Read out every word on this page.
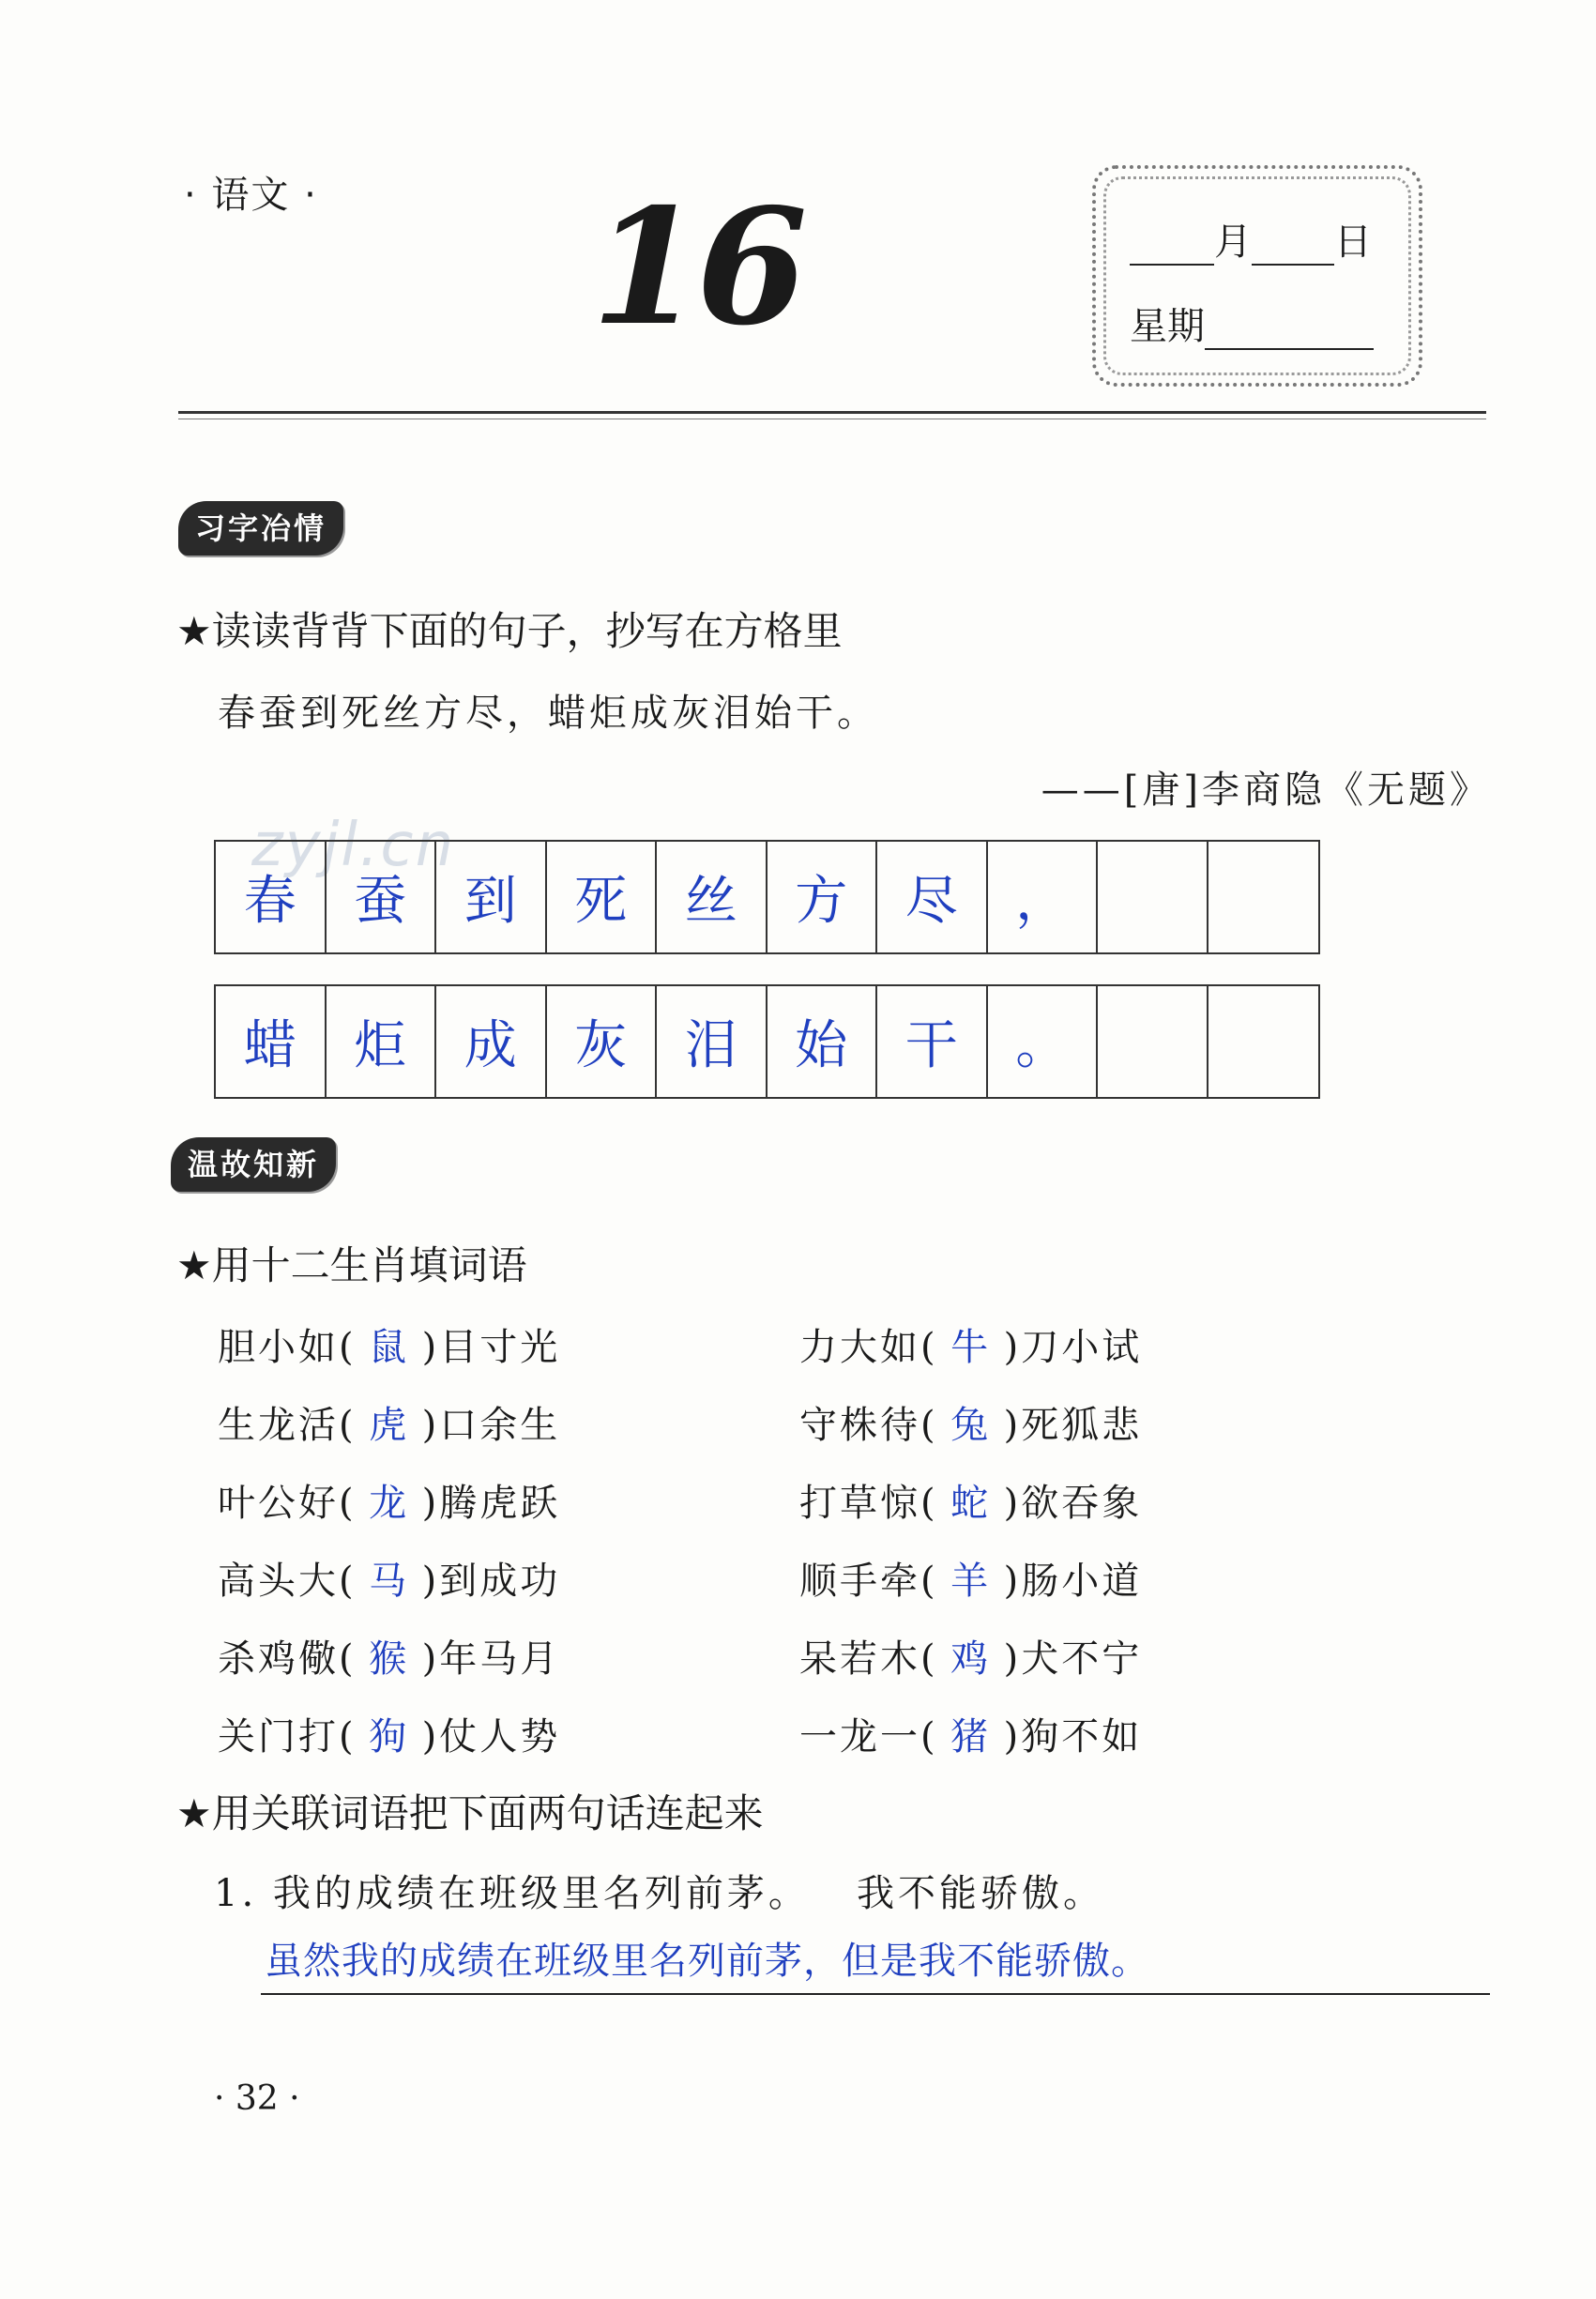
· 语文 · 16	月 日
星期
习字冶情
★读读背背下面的句子，抄写在方格里
春蚕到死丝方尽，蜡炬成灰泪始干。
——[唐]李商隐《无题》
zyjl.cn
春	蚕	到	死	丝	方	尽	，
蜡	炬	成	灰	泪	始	干	。
温故知新
★用十二生肖填词语
胆小如( 鼠 )目寸光	力大如( 牛 )刀小试
生龙活( 虎 )口余生	守株待( 兔 )死狐悲
叶公好( 龙 )腾虎跃	打草惊( 蛇 )欲吞象
高头大( 马 )到成功	顺手牵( 羊 )肠小道
杀鸡儆( 猴 )年马月	呆若木( 鸡 )犬不宁
关门打( 狗 )仗人势	一龙一( 猪 )狗不如
★用关联词语把下面两句话连起来
1. 我的成绩在班级里名列前茅。   我不能骄傲。
虽然我的成绩在班级里名列前茅，但是我不能骄傲。
· 32 ·
